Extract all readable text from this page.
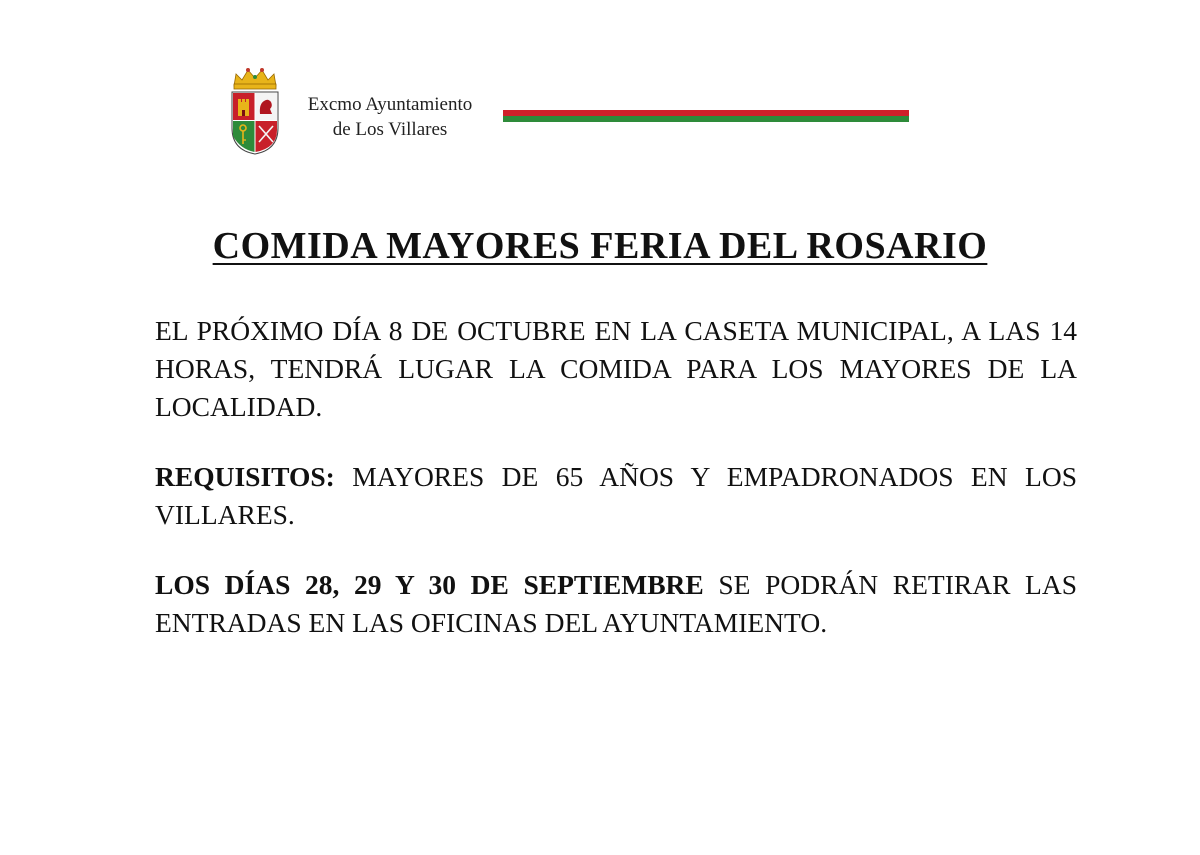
Excmo Ayuntamiento
de Los Villares
COMIDA MAYORES FERIA DEL ROSARIO

EL PRÓXIMO DÍA 8 DE OCTUBRE EN LA CASETA MUNICIPAL, A LAS 14 HORAS, TENDRÁ LUGAR LA COMIDA PARA LOS MAYORES DE LA LOCALIDAD.

REQUISITOS: MAYORES DE 65 AÑOS Y EMPADRONADOS EN LOS VILLARES.

LOS DÍAS 28, 29 Y 30 DE SEPTIEMBRE SE PODRÁN RETIRAR LAS ENTRADAS EN LAS OFICINAS DEL AYUNTAMIENTO.
